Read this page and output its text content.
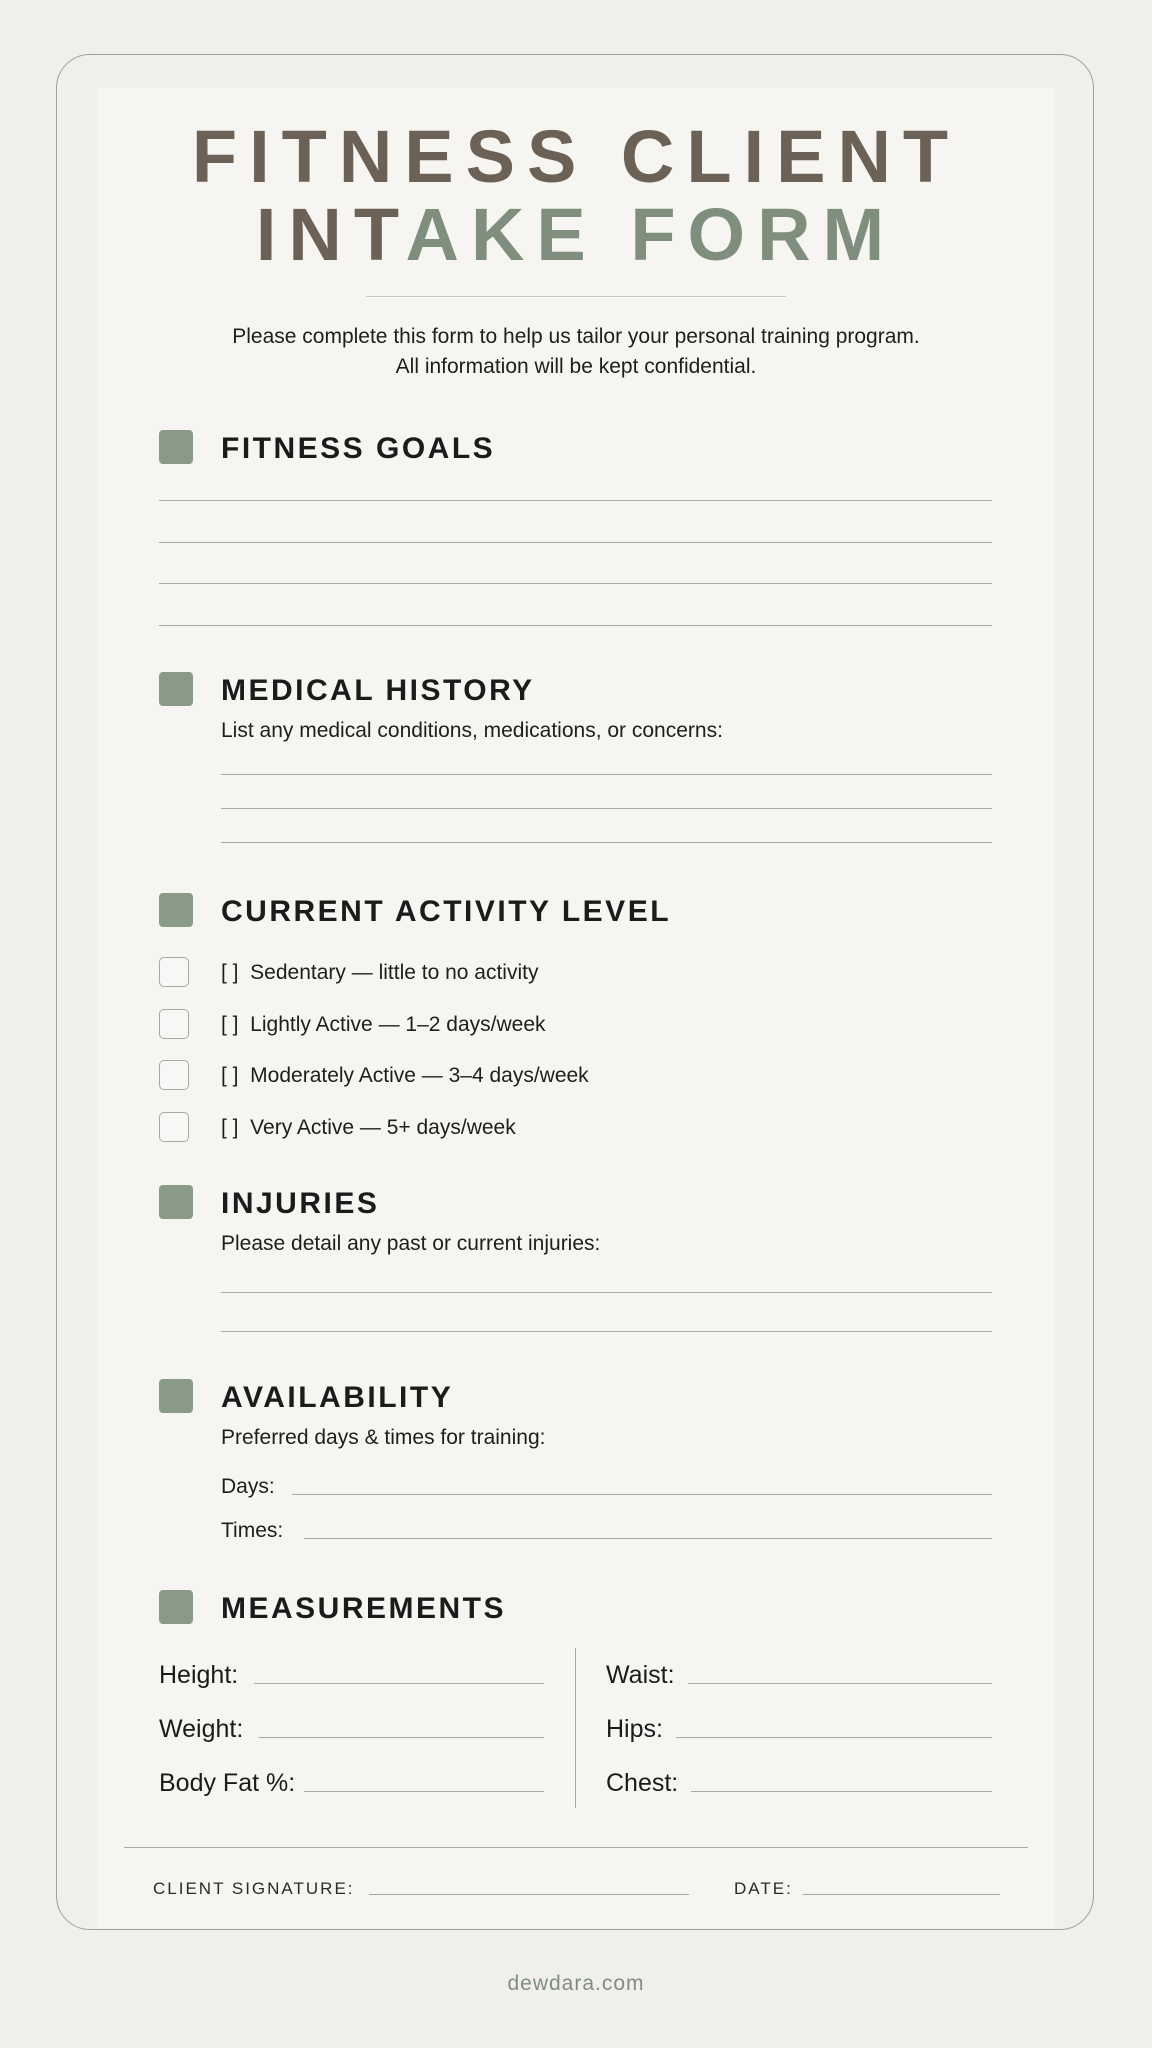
FITNESS CLIENT
INTAKE FORM
Please complete this form to help us tailor your personal training program.
All information will be kept confidential.
FITNESS GOALS
MEDICAL HISTORY
List any medical conditions, medications, or concerns:
CURRENT ACTIVITY LEVEL
[ ]  Sedentary — little to no activity
[ ]  Lightly Active — 1–2 days/week
[ ]  Moderately Active — 3–4 days/week
[ ]  Very Active — 5+ days/week
INJURIES
Please detail any past or current injuries:
AVAILABILITY
Preferred days & times for training:
Days:
Times:
MEASUREMENTS
Height:
Weight:
Body Fat %:
Waist:
Hips:
Chest:
CLIENT SIGNATURE:	DATE:
dewdara.com
